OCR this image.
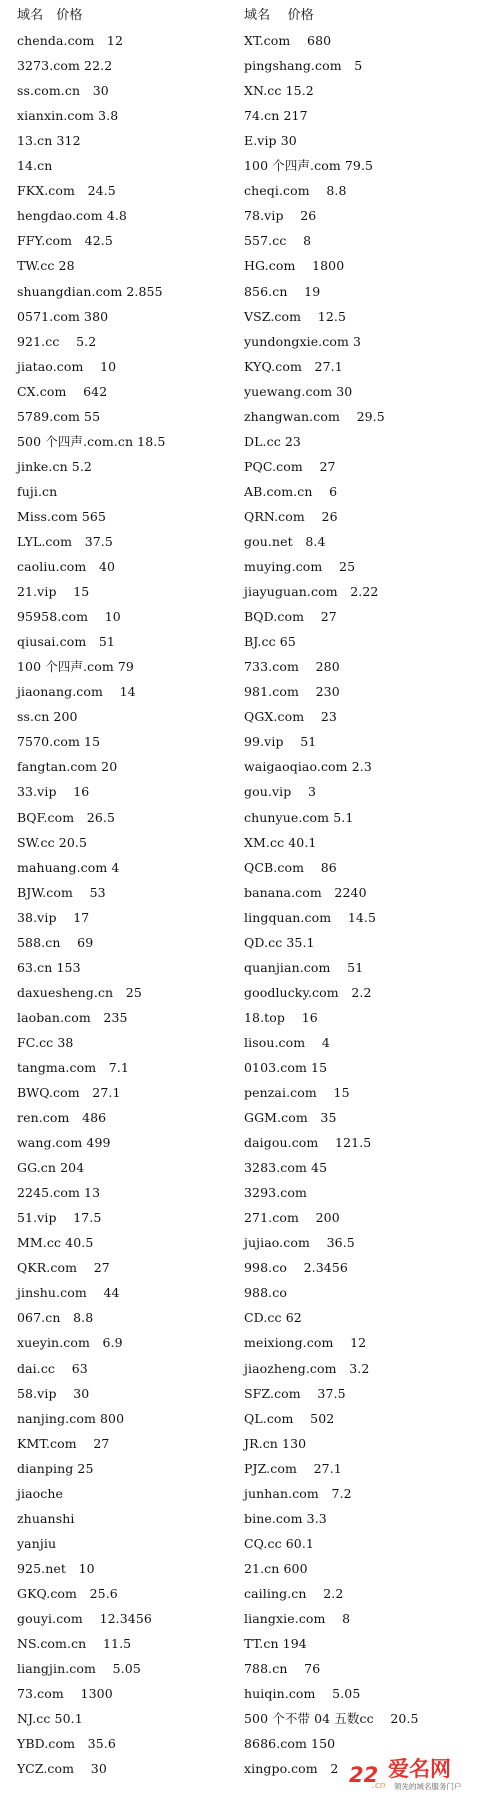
域名　价格
chenda.com　12
3273.com 22.2
ss.com.cn　30
xianxin.com 3.8
13.cn 312
14.cn
FKX.com　24.5
hengdao.com 4.8
FFY.com　42.5
TW.cc 28
shuangdian.com 2.855
0571.com 380
921.cc　 5.2
jiatao.com　 10
CX.com　 642
5789.com 55
500 个四声.com.cn 18.5
jinke.cn 5.2
fuji.cn
Miss.com 565
LYL.com　37.5
caoliu.com　40
21.vip　 15
95958.com　 10
qiusai.com　51
100 个四声.com 79
jiaonang.com　 14
ss.cn 200
7570.com 15
fangtan.com 20
33.vip　 16
BQF.com　26.5
SW.cc 20.5
mahuang.com 4
BJW.com　 53
38.vip　 17
588.cn　 69
63.cn 153
daxuesheng.cn　25
laoban.com　235
FC.cc 38
tangma.com　7.1
BWQ.com　27.1
ren.com　486
wang.com 499
GG.cn 204
2245.com 13
51.vip　 17.5
MM.cc 40.5
QKR.com　 27
jinshu.com　 44
067.cn　8.8
xueyin.com　6.9
dai.cc　 63
58.vip　 30
nanjing.com 800
KMT.com　 27
dianping 25
jiaoche
zhuanshi
yanjiu
925.net　10
GKQ.com　25.6
gouyi.com　 12.3456
NS.com.cn　 11.5
liangjin.com　 5.05
73.com　 1300
NJ.cc 50.1
YBD.com　35.6
YCZ.com　 30
域名　 价格
XT.com　 680
pingshang.com　5
XN.cc 15.2
74.cn 217
E.vip 30
100 个四声.com 79.5
cheqi.com　 8.8
78.vip　 26
557.cc　 8
HG.com　 1800
856.cn　 19
VSZ.com　 12.5
yundongxie.com 3
KYQ.com　27.1
yuewang.com 30
zhangwan.com　 29.5
DL.cc 23
PQC.com　 27
AB.com.cn　 6
QRN.com　 26
gou.net　8.4
muying.com　 25
jiayuguan.com　2.22
BQD.com　 27
BJ.cc 65
733.com　 280
981.com　 230
QGX.com　 23
99.vip　 51
waigaoqiao.com 2.3
gou.vip　 3
chunyue.com 5.1
XM.cc 40.1
QCB.com　 86
banana.com　2240
lingquan.com　 14.5
QD.cc 35.1
quanjian.com　 51
goodlucky.com　2.2
18.top　 16
lisou.com　 4
0103.com 15
penzai.com　 15
GGM.com　35
daigou.com　 121.5
3283.com 45
3293.com
271.com　 200
jujiao.com　 36.5
998.co　 2.3456
988.co
CD.cc 62
meixiong.com　 12
jiaozheng.com　3.2
SFZ.com　 37.5
QL.com　 502
JR.cn 130
PJZ.com　 27.1
junhan.com　7.2
bine.com 3.3
CQ.cc 60.1
21.cn 600
cailing.cn　 2.2
liangxie.com　 8
TT.cn 194
788.cn　 76
huiqin.com　 5.05
500 个不带 04 五数cc　 20.5
8686.com 150
xingpo.com　2 22
.cn
爱名网
领先的域名服务门户
